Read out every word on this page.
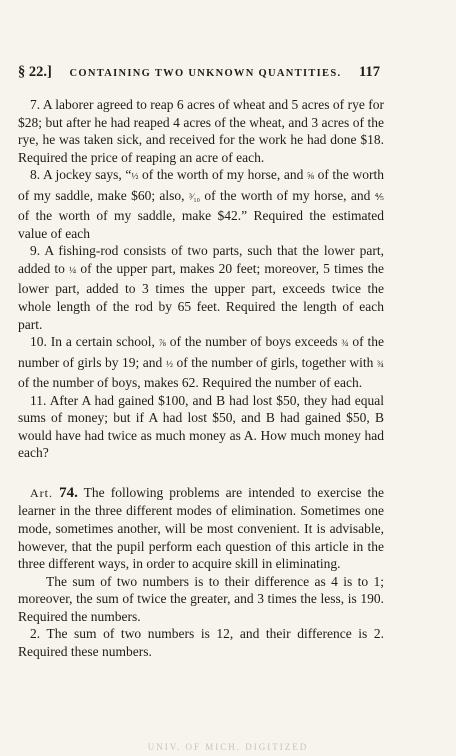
§ 22.] CONTAINING TWO UNKNOWN QUANTITIES. 117

7. A laborer agreed to reap 6 acres of wheat and 5 acres of rye for $28; but after he had reaped 4 acres of the wheat, and 3 acres of the rye, he was taken sick, and received for the work he had done $18. Required the price of reaping an acre of each.

8. A jockey says, “½ of the worth of my horse, and ⅝ of the worth of my saddle, make $60; also, ³⁄₁₀ of the worth of my horse, and ⅘ of the worth of my saddle, make $42.” Required the estimated value of each

9. A fishing-rod consists of two parts, such that the lower part, added to ¼ of the upper part, makes 20 feet; moreover, 5 times the lower part, added to 3 times the upper part, exceeds twice the whole length of the rod by 65 feet. Required the length of each part.

10. In a certain school, ⅞ of the number of boys exceeds ¾ of the number of girls by 19; and ½ of the number of girls, together with ¾ of the number of boys, makes 62. Required the number of each.

11. After A had gained $100, and B had lost $50, they had equal sums of money; but if A had lost $50, and B had gained $50, B would have had twice as much money as A. How much money had each?

Art. 74. The following problems are intended to exercise the learner in the three different modes of elimination. Sometimes one mode, sometimes another, will be most convenient. It is advisable, however, that the pupil perform each question of this article in the three different ways, in order to acquire skill in eliminating.

The sum of two numbers is to their difference as 4 is to 1; moreover, the sum of twice the greater, and 3 times the less, is 190. Required the numbers.

2. The sum of two numbers is 12, and their difference is 2. Required these numbers.

UNIV. OF MICH. DIGITIZED
